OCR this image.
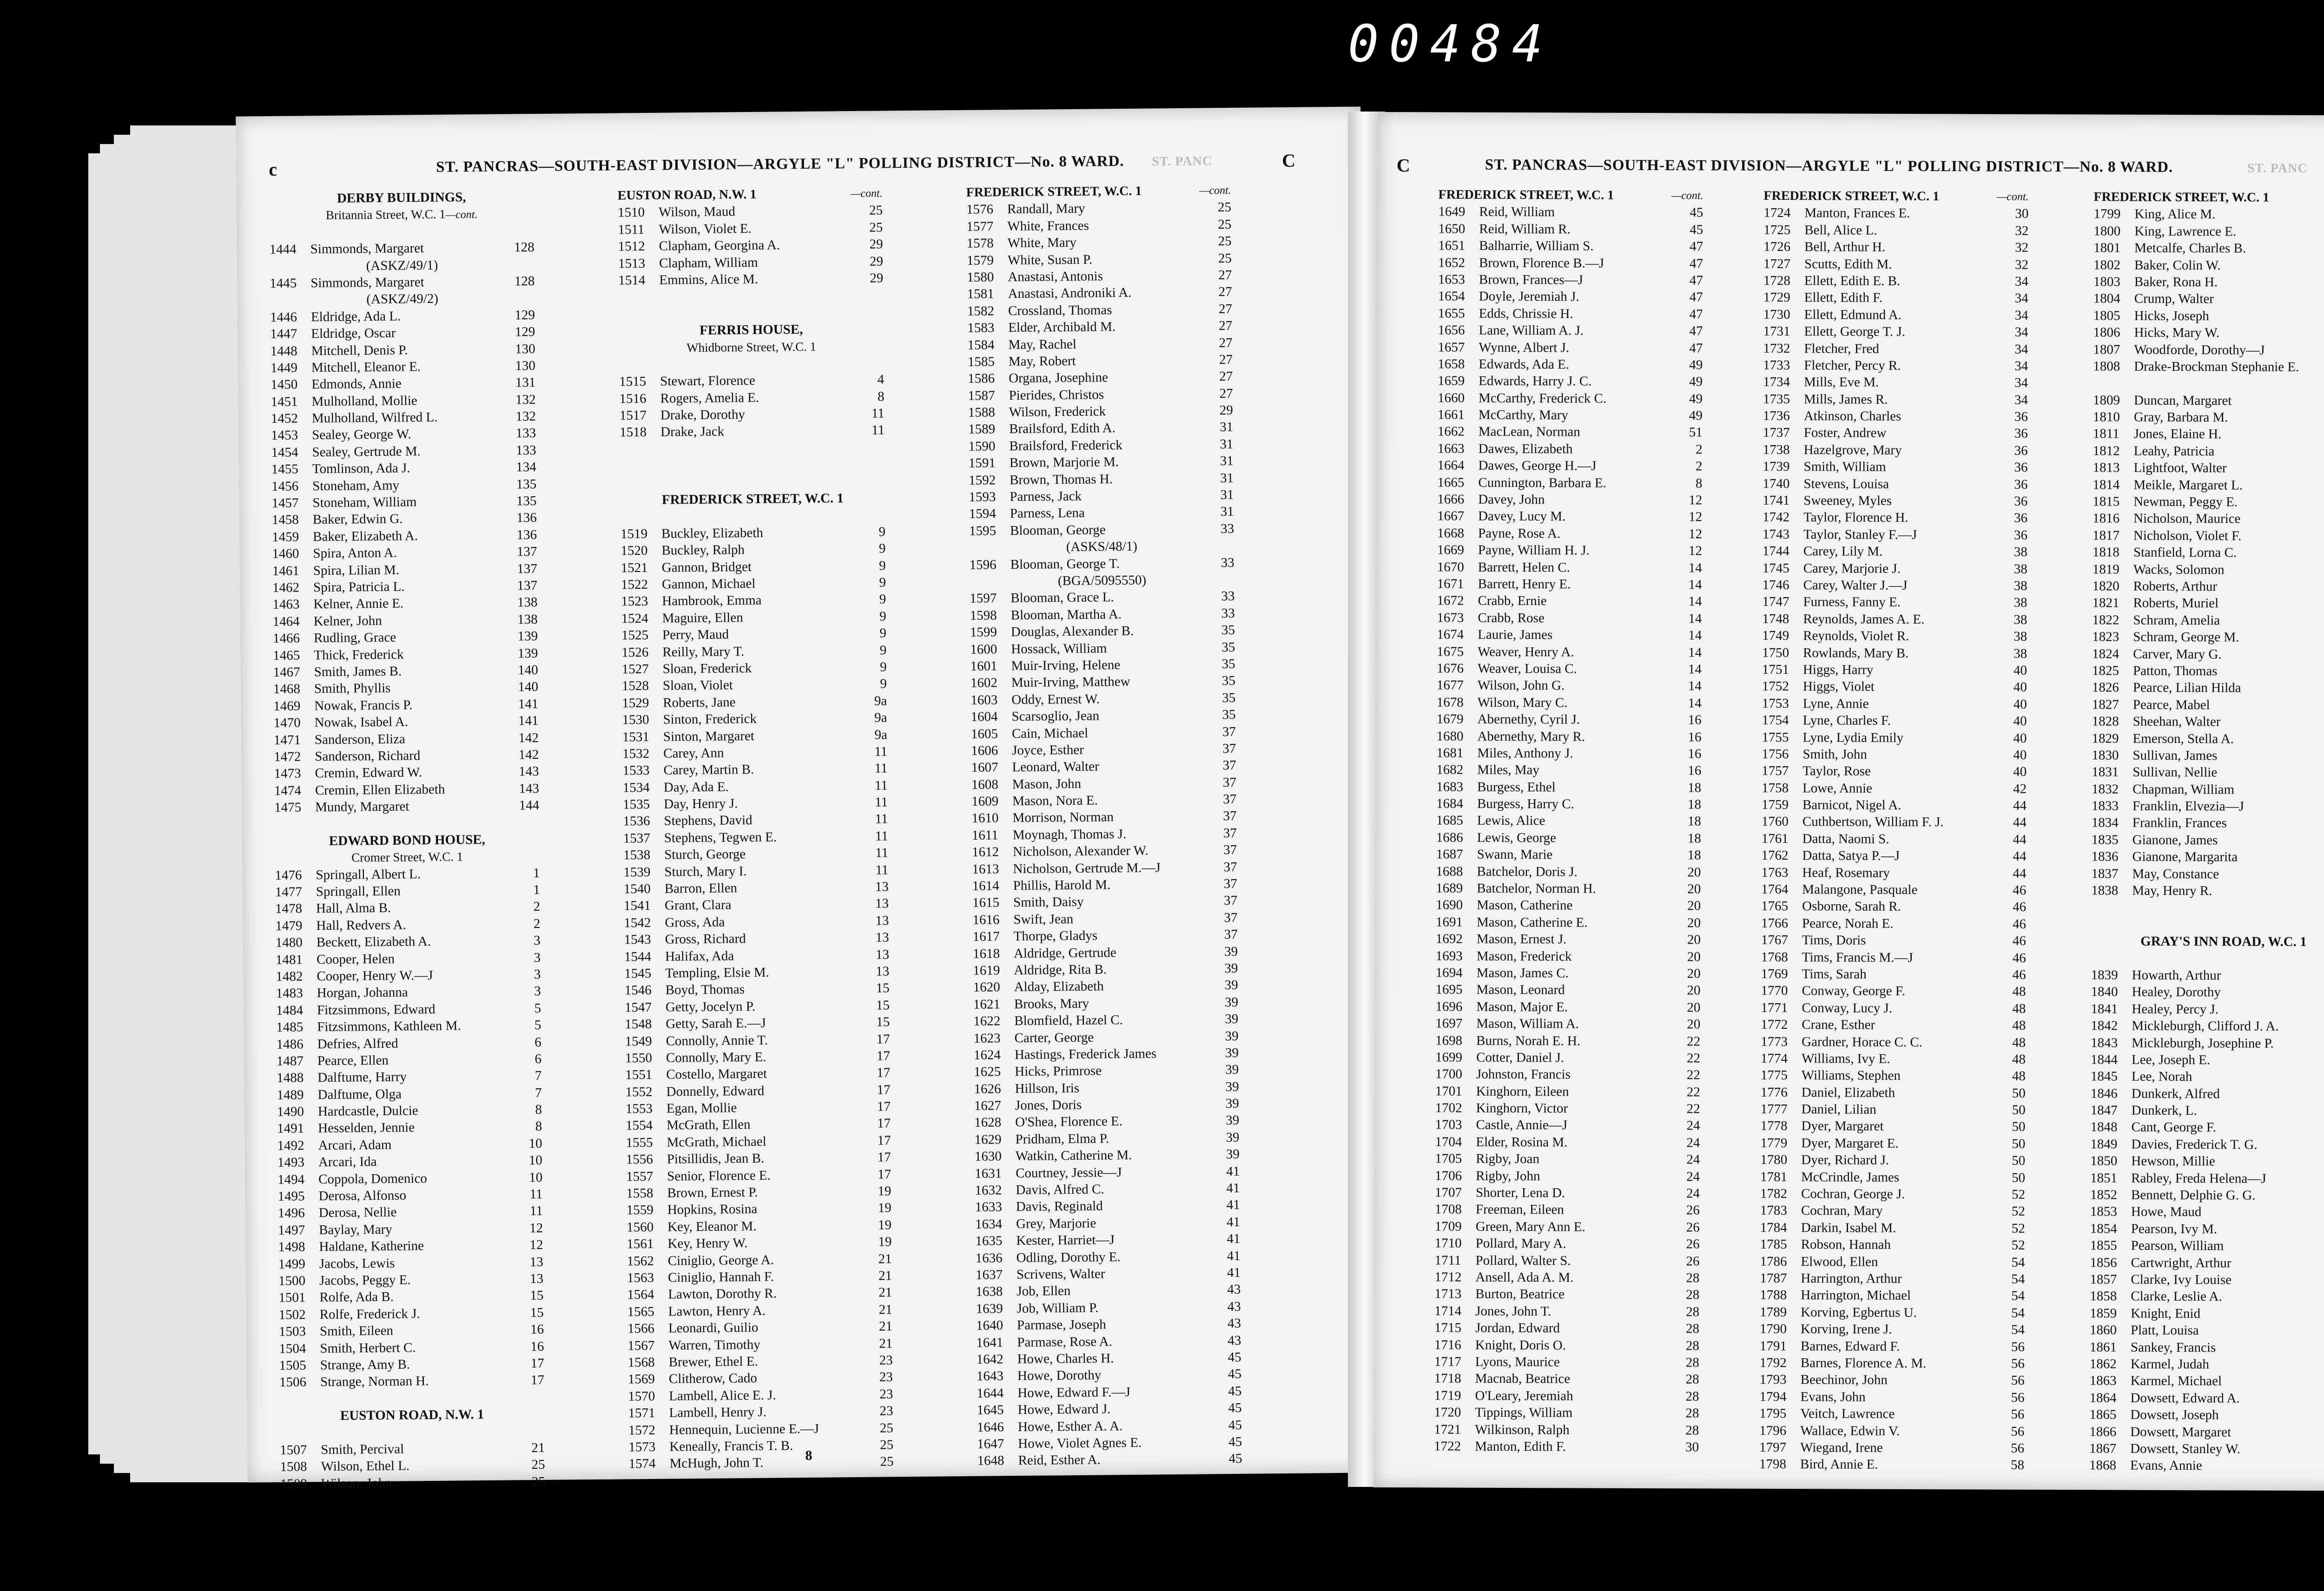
00484
c	ST. PANCRAS—SOUTH-EAST DIVISION—ARGYLE "L" POLLING DISTRICT—No. 8 WARD. ST. PANC	C
DERBY BUILDINGS,
Britannia Street, W.C. 1—cont.
1444	Simmonds, Margaret	128
(ASKZ/49/1)
1445	Simmonds, Margaret	128
(ASKZ/49/2)
1446	Eldridge, Ada L.	129
1447	Eldridge, Oscar	129
1448	Mitchell, Denis P.	130
1449	Mitchell, Eleanor E.	130
1450	Edmonds, Annie	131
1451	Mulholland, Mollie	132
1452	Mulholland, Wilfred L.	132
1453	Sealey, George W.	133
1454	Sealey, Gertrude M.	133
1455	Tomlinson, Ada J.	134
1456	Stoneham, Amy	135
1457	Stoneham, William	135
1458	Baker, Edwin G.	136
1459	Baker, Elizabeth A.	136
1460	Spira, Anton A.	137
1461	Spira, Lilian M.	137
1462	Spira, Patricia L.	137
1463	Kelner, Annie E.	138
1464	Kelner, John	138
1466	Rudling, Grace	139
1465	Thick, Frederick	139
1467	Smith, James B.	140
1468	Smith, Phyllis	140
1469	Nowak, Francis P.	141
1470	Nowak, Isabel A.	141
1471	Sanderson, Eliza	142
1472	Sanderson, Richard	142
1473	Cremin, Edward W.	143
1474	Cremin, Ellen Elizabeth	143
1475	Mundy, Margaret	144
EDWARD BOND HOUSE,
Cromer Street, W.C. 1
1476	Springall, Albert L.	1
1477	Springall, Ellen	1
1478	Hall, Alma B.	2
1479	Hall, Redvers A.	2
1480	Beckett, Elizabeth A.	3
1481	Cooper, Helen	3
1482	Cooper, Henry W.—J	3
1483	Horgan, Johanna	3
1484	Fitzsimmons, Edward	5
1485	Fitzsimmons, Kathleen M.	5
1486	Defries, Alfred	6
1487	Pearce, Ellen	6
1488	Dalftume, Harry	7
1489	Dalftume, Olga	7
1490	Hardcastle, Dulcie	8
1491	Hesselden, Jennie	8
1492	Arcari, Adam	10
1493	Arcari, Ida	10
1494	Coppola, Domenico	10
1495	Derosa, Alfonso	11
1496	Derosa, Nellie	11
1497	Baylay, Mary	12
1498	Haldane, Katherine	12
1499	Jacobs, Lewis	13
1500	Jacobs, Peggy E.	13
1501	Rolfe, Ada B.	15
1502	Rolfe, Frederick J.	15
1503	Smith, Eileen	16
1504	Smith, Herbert C.	16
1505	Strange, Amy B.	17
1506	Strange, Norman H.	17
EUSTON ROAD, N.W. 1
1507	Smith, Percival	21
1508	Wilson, Ethel L.	25
1509	Wilson, John	25
EUSTON ROAD, N.W. 1	—cont.
1510	Wilson, Maud	25
1511	Wilson, Violet E.	25
1512	Clapham, Georgina A.	29
1513	Clapham, William	29
1514	Emmins, Alice M.	29
FERRIS HOUSE,
Whidborne Street, W.C. 1
1515	Stewart, Florence	4
1516	Rogers, Amelia E.	8
1517	Drake, Dorothy	11
1518	Drake, Jack	11
FREDERICK STREET, W.C. 1
1519	Buckley, Elizabeth	9
1520	Buckley, Ralph	9
1521	Gannon, Bridget	9
1522	Gannon, Michael	9
1523	Hambrook, Emma	9
1524	Maguire, Ellen	9
1525	Perry, Maud	9
1526	Reilly, Mary T.	9
1527	Sloan, Frederick	9
1528	Sloan, Violet	9
1529	Roberts, Jane	9a
1530	Sinton, Frederick	9a
1531	Sinton, Margaret	9a
1532	Carey, Ann	11
1533	Carey, Martin B.	11
1534	Day, Ada E.	11
1535	Day, Henry J.	11
1536	Stephens, David	11
1537	Stephens, Tegwen E.	11
1538	Sturch, George	11
1539	Sturch, Mary I.	11
1540	Barron, Ellen	13
1541	Grant, Clara	13
1542	Gross, Ada	13
1543	Gross, Richard	13
1544	Halifax, Ada	13
1545	Templing, Elsie M.	13
1546	Boyd, Thomas	15
1547	Getty, Jocelyn P.	15
1548	Getty, Sarah E.—J	15
1549	Connolly, Annie T.	17
1550	Connolly, Mary E.	17
1551	Costello, Margaret	17
1552	Donnelly, Edward	17
1553	Egan, Mollie	17
1554	McGrath, Ellen	17
1555	McGrath, Michael	17
1556	Pitsillidis, Jean B.	17
1557	Senior, Florence E.	17
1558	Brown, Ernest P.	19
1559	Hopkins, Rosina	19
1560	Key, Eleanor M.	19
1561	Key, Henry W.	19
1562	Ciniglio, George A.	21
1563	Ciniglio, Hannah F.	21
1564	Lawton, Dorothy R.	21
1565	Lawton, Henry A.	21
1566	Leonardi, Guilio	21
1567	Warren, Timothy	21
1568	Brewer, Ethel E.	23
1569	Clitherow, Cado	23
1570	Lambell, Alice E. J.	23
1571	Lambell, Henry J.	23
1572	Hennequin, Lucienne E.—J	25
1573	Keneally, Francis T. B.	25
1574	McHugh, John T.	25
FREDERICK STREET, W.C. 1	—cont.
1576	Randall, Mary	25
1577	White, Frances	25
1578	White, Mary	25
1579	White, Susan P.	25
1580	Anastasi, Antonis	27
1581	Anastasi, Androniki A.	27
1582	Crossland, Thomas	27
1583	Elder, Archibald M.	27
1584	May, Rachel	27
1585	May, Robert	27
1586	Organa, Josephine	27
1587	Pierides, Christos	27
1588	Wilson, Frederick	29
1589	Brailsford, Edith A.	31
1590	Brailsford, Frederick	31
1591	Brown, Marjorie M.	31
1592	Brown, Thomas H.	31
1593	Parness, Jack	31
1594	Parness, Lena	31
1595	Blooman, George	33
(ASKS/48/1)
1596	Blooman, George T.	33
(BGA/5095550)
1597	Blooman, Grace L.	33
1598	Blooman, Martha A.	33
1599	Douglas, Alexander B.	35
1600	Hossack, William	35
1601	Muir-Irving, Helene	35
1602	Muir-Irving, Matthew	35
1603	Oddy, Ernest W.	35
1604	Scarsoglio, Jean	35
1605	Cain, Michael	37
1606	Joyce, Esther	37
1607	Leonard, Walter	37
1608	Mason, John	37
1609	Mason, Nora E.	37
1610	Morrison, Norman	37
1611	Moynagh, Thomas J.	37
1612	Nicholson, Alexander W.	37
1613	Nicholson, Gertrude M.—J	37
1614	Phillis, Harold M.	37
1615	Smith, Daisy	37
1616	Swift, Jean	37
1617	Thorpe, Gladys	37
1618	Aldridge, Gertrude	39
1619	Aldridge, Rita B.	39
1620	Alday, Elizabeth	39
1621	Brooks, Mary	39
1622	Blomfield, Hazel C.	39
1623	Carter, George	39
1624	Hastings, Frederick James	39
1625	Hicks, Primrose	39
1626	Hillson, Iris	39
1627	Jones, Doris	39
1628	O'Shea, Florence E.	39
1629	Pridham, Elma P.	39
1630	Watkin, Catherine M.	39
1631	Courtney, Jessie—J	41
1632	Davis, Alfred C.	41
1633	Davis, Reginald	41
1634	Grey, Marjorie	41
1635	Kester, Harriet—J	41
1636	Odling, Dorothy E.	41
1637	Scrivens, Walter	41
1638	Job, Ellen	43
1639	Job, William P.	43
1640	Parmase, Joseph	43
1641	Parmase, Rose A.	43
1642	Howe, Charles H.	45
1643	Howe, Dorothy	45
1644	Howe, Edward F.—J	45
1645	Howe, Edward J.	45
1646	Howe, Esther A. A.	45
1647	Howe, Violet Agnes E.	45
1648	Reid, Esther A.	45
8
C	ST. PANCRAS—SOUTH-EAST DIVISION—ARGYLE "L" POLLING DISTRICT—No. 8 WARD.	ST. PANC
FREDERICK STREET, W.C. 1	—cont.
1649	Reid, William	45
1650	Reid, William R.	45
1651	Balharrie, William S.	47
1652	Brown, Florence B.—J	47
1653	Brown, Frances—J	47
1654	Doyle, Jeremiah J.	47
1655	Edds, Chrissie H.	47
1656	Lane, William A. J.	47
1657	Wynne, Albert J.	47
1658	Edwards, Ada E.	49
1659	Edwards, Harry J. C.	49
1660	McCarthy, Frederick C.	49
1661	McCarthy, Mary	49
1662	MacLean, Norman	51
1663	Dawes, Elizabeth	2
1664	Dawes, George H.—J	2
1665	Cunnington, Barbara E.	8
1666	Davey, John	12
1667	Davey, Lucy M.	12
1668	Payne, Rose A.	12
1669	Payne, William H. J.	12
1670	Barrett, Helen C.	14
1671	Barrett, Henry E.	14
1672	Crabb, Ernie	14
1673	Crabb, Rose	14
1674	Laurie, James	14
1675	Weaver, Henry A.	14
1676	Weaver, Louisa C.	14
1677	Wilson, John G.	14
1678	Wilson, Mary C.	14
1679	Abernethy, Cyril J.	16
1680	Abernethy, Mary R.	16
1681	Miles, Anthony J.	16
1682	Miles, May	16
1683	Burgess, Ethel	18
1684	Burgess, Harry C.	18
1685	Lewis, Alice	18
1686	Lewis, George	18
1687	Swann, Marie	18
1688	Batchelor, Doris J.	20
1689	Batchelor, Norman H.	20
1690	Mason, Catherine	20
1691	Mason, Catherine E.	20
1692	Mason, Ernest J.	20
1693	Mason, Frederick	20
1694	Mason, James C.	20
1695	Mason, Leonard	20
1696	Mason, Major E.	20
1697	Mason, William A.	20
1698	Burns, Norah E. H.	22
1699	Cotter, Daniel J.	22
1700	Johnston, Francis	22
1701	Kinghorn, Eileen	22
1702	Kinghorn, Victor	22
1703	Castle, Annie—J	24
1704	Elder, Rosina M.	24
1705	Rigby, Joan	24
1706	Rigby, John	24
1707	Shorter, Lena D.	24
1708	Freeman, Eileen	26
1709	Green, Mary Ann E.	26
1710	Pollard, Mary A.	26
1711	Pollard, Walter S.	26
1712	Ansell, Ada A. M.	28
1713	Burton, Beatrice	28
1714	Jones, John T.	28
1715	Jordan, Edward	28
1716	Knight, Doris O.	28
1717	Lyons, Maurice	28
1718	Macnab, Beatrice	28
1719	O'Leary, Jeremiah	28
1720	Tippings, William	28
1721	Wilkinson, Ralph	28
1722	Manton, Edith F.	30
FREDERICK STREET, W.C. 1	—cont.
1724	Manton, Frances E.	30
1725	Bell, Alice L.	32
1726	Bell, Arthur H.	32
1727	Scutts, Edith M.	32
1728	Ellett, Edith E. B.	34
1729	Ellett, Edith F.	34
1730	Ellett, Edmund A.	34
1731	Ellett, George T. J.	34
1732	Fletcher, Fred	34
1733	Fletcher, Percy R.	34
1734	Mills, Eve M.	34
1735	Mills, James R.	34
1736	Atkinson, Charles	36
1737	Foster, Andrew	36
1738	Hazelgrove, Mary	36
1739	Smith, William	36
1740	Stevens, Louisa	36
1741	Sweeney, Myles	36
1742	Taylor, Florence H.	36
1743	Taylor, Stanley F.—J	36
1744	Carey, Lily M.	38
1745	Carey, Marjorie J.	38
1746	Carey, Walter J.—J	38
1747	Furness, Fanny E.	38
1748	Reynolds, James A. E.	38
1749	Reynolds, Violet R.	38
1750	Rowlands, Mary B.	38
1751	Higgs, Harry	40
1752	Higgs, Violet	40
1753	Lyne, Annie	40
1754	Lyne, Charles F.	40
1755	Lyne, Lydia Emily	40
1756	Smith, John	40
1757	Taylor, Rose	40
1758	Lowe, Annie	42
1759	Barnicot, Nigel A.	44
1760	Cuthbertson, William F. J.	44
1761	Datta, Naomi S.	44
1762	Datta, Satya P.—J	44
1763	Heaf, Rosemary	44
1764	Malangone, Pasquale	46
1765	Osborne, Sarah R.	46
1766	Pearce, Norah E.	46
1767	Tims, Doris	46
1768	Tims, Francis M.—J	46
1769	Tims, Sarah	46
1770	Conway, George F.	48
1771	Conway, Lucy J.	48
1772	Crane, Esther	48
1773	Gardner, Horace C. C.	48
1774	Williams, Ivy E.	48
1775	Williams, Stephen	48
1776	Daniel, Elizabeth	50
1777	Daniel, Lilian	50
1778	Dyer, Margaret	50
1779	Dyer, Margaret E.	50
1780	Dyer, Richard J.	50
1781	McCrindle, James	50
1782	Cochran, George J.	52
1783	Cochran, Mary	52
1784	Darkin, Isabel M.	52
1785	Robson, Hannah	52
1786	Elwood, Ellen	54
1787	Harrington, Arthur	54
1788	Harrington, Michael	54
1789	Korving, Egbertus U.	54
1790	Korving, Irene J.	54
1791	Barnes, Edward F.	56
1792	Barnes, Florence A. M.	56
1793	Beechinor, John	56
1794	Evans, John	56
1795	Veitch, Lawrence	56
1796	Wallace, Edwin V.	56
1797	Wiegand, Irene	56
1798	Bird, Annie E.	58
FREDERICK STREET, W.C. 1
1799	King, Alice M.
1800	King, Lawrence E.
1801	Metcalfe, Charles B.
1802	Baker, Colin W.
1803	Baker, Rona H.
1804	Crump, Walter
1805	Hicks, Joseph
1806	Hicks, Mary W.
1807	Woodforde, Dorothy—J
1808	Drake-Brockman Stephanie E.
1809	Duncan, Margaret
1810	Gray, Barbara M.
1811	Jones, Elaine H.
1812	Leahy, Patricia
1813	Lightfoot, Walter
1814	Meikle, Margaret L.
1815	Newman, Peggy E.
1816	Nicholson, Maurice
1817	Nicholson, Violet F.
1818	Stanfield, Lorna C.
1819	Wacks, Solomon
1820	Roberts, Arthur
1821	Roberts, Muriel
1822	Schram, Amelia
1823	Schram, George M.
1824	Carver, Mary G.
1825	Patton, Thomas
1826	Pearce, Lilian Hilda
1827	Pearce, Mabel
1828	Sheehan, Walter
1829	Emerson, Stella A.
1830	Sullivan, James
1831	Sullivan, Nellie
1832	Chapman, William
1833	Franklin, Elvezia—J
1834	Franklin, Frances
1835	Gianone, James
1836	Gianone, Margarita
1837	May, Constance
1838	May, Henry R.
GRAY'S INN ROAD, W.C. 1
1839	Howarth, Arthur
1840	Healey, Dorothy
1841	Healey, Percy J.
1842	Mickleburgh, Clifford J. A.
1843	Mickleburgh, Josephine P.
1844	Lee, Joseph E.
1845	Lee, Norah
1846	Dunkerk, Alfred
1847	Dunkerk, L.
1848	Cant, George F.
1849	Davies, Frederick T. G.
1850	Hewson, Millie
1851	Rabley, Freda Helena—J
1852	Bennett, Delphie G. G.
1853	Howe, Maud
1854	Pearson, Ivy M.
1855	Pearson, William
1856	Cartwright, Arthur
1857	Clarke, Ivy Louise
1858	Clarke, Leslie A.
1859	Knight, Enid
1860	Platt, Louisa
1861	Sankey, Francis
1862	Karmel, Judah
1863	Karmel, Michael
1864	Dowsett, Edward A.
1865	Dowsett, Joseph
1866	Dowsett, Margaret
1867	Dowsett, Stanley W.
1868	Evans, Annie
